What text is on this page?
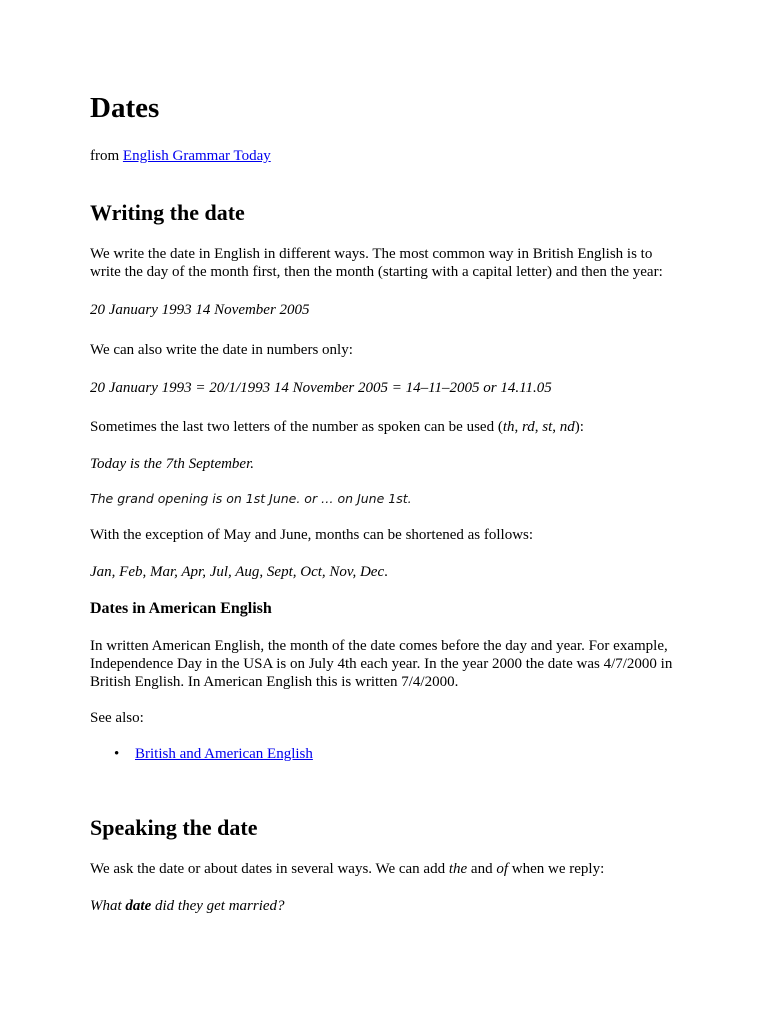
Dates
from English Grammar Today
Writing the date
We write the date in English in different ways. The most common way in British English is to
write the day of the month first, then the month (starting with a capital letter) and then the year:
20 January 1993 14 November 2005
We can also write the date in numbers only:
20 January 1993 = 20/1/1993 14 November 2005 = 14–11–2005 or 14.11.05
Sometimes the last two letters of the number as spoken can be used (th, rd, st, nd):
Today is the 7th September.
The grand opening is on 1st June. or … on June 1st.
With the exception of May and June, months can be shortened as follows:
Jan, Feb, Mar, Apr, Jul, Aug, Sept, Oct, Nov, Dec.
Dates in American English
In written American English, the month of the date comes before the day and year. For example,
Independence Day in the USA is on July 4th each year. In the year 2000 the date was 4/7/2000 in
British English. In American English this is written 7/4/2000.
See also:
• British and American English
Speaking the date
We ask the date or about dates in several ways. We can add the and of when we reply:
What date did they get married?
